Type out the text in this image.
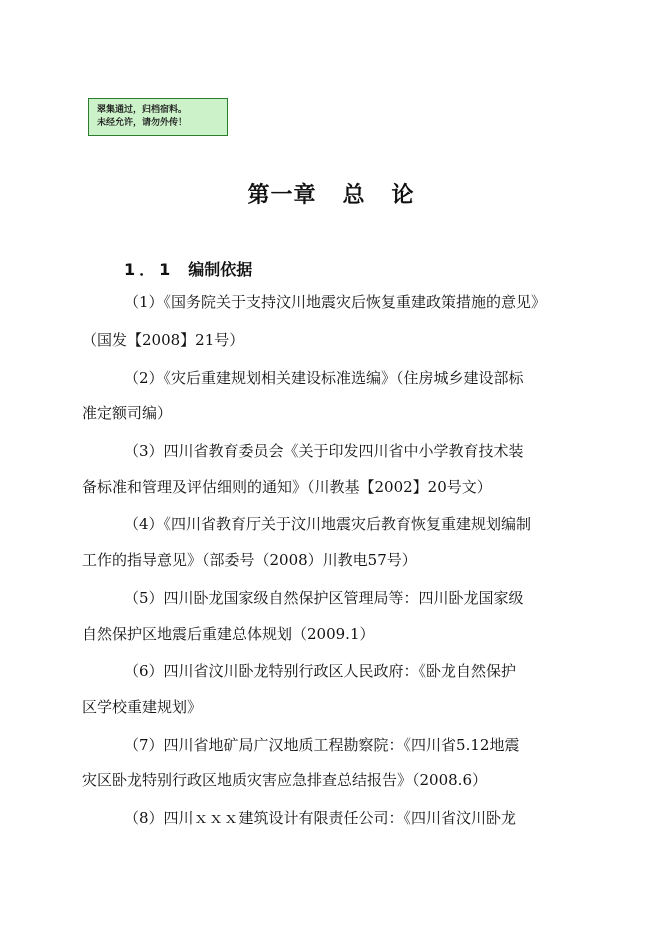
翠集通过，归档宿料。
未经允许，请勿外传！
第一章 总 论
1．1 编制依据
（1）《国务院关于支持汶川地震灾后恢复重建政策措施的意见》
（国发【2008】21号）
（2）《灾后重建规划相关建设标准选编》（住房城乡建设部标
准定额司编）
（3）四川省教育委员会《关于印发四川省中小学教育技术装
备标准和管理及评估细则的通知》（川教基【2002】20号文）
（4）《四川省教育厅关于汶川地震灾后教育恢复重建规划编制
工作的指导意见》（部委号（2008）川教电57号）
（5）四川卧龙国家级自然保护区管理局等：四川卧龙国家级
自然保护区地震后重建总体规划（2009.1）
（6）四川省汶川卧龙特别行政区人民政府：《卧龙自然保护
区学校重建规划》
（7）四川省地矿局广汉地质工程勘察院：《四川省5.12地震
灾区卧龙特别行政区地质灾害应急排查总结报告》（2008.6）
（8）四川ｘｘｘ建筑设计有限责任公司：《四川省汶川卧龙
